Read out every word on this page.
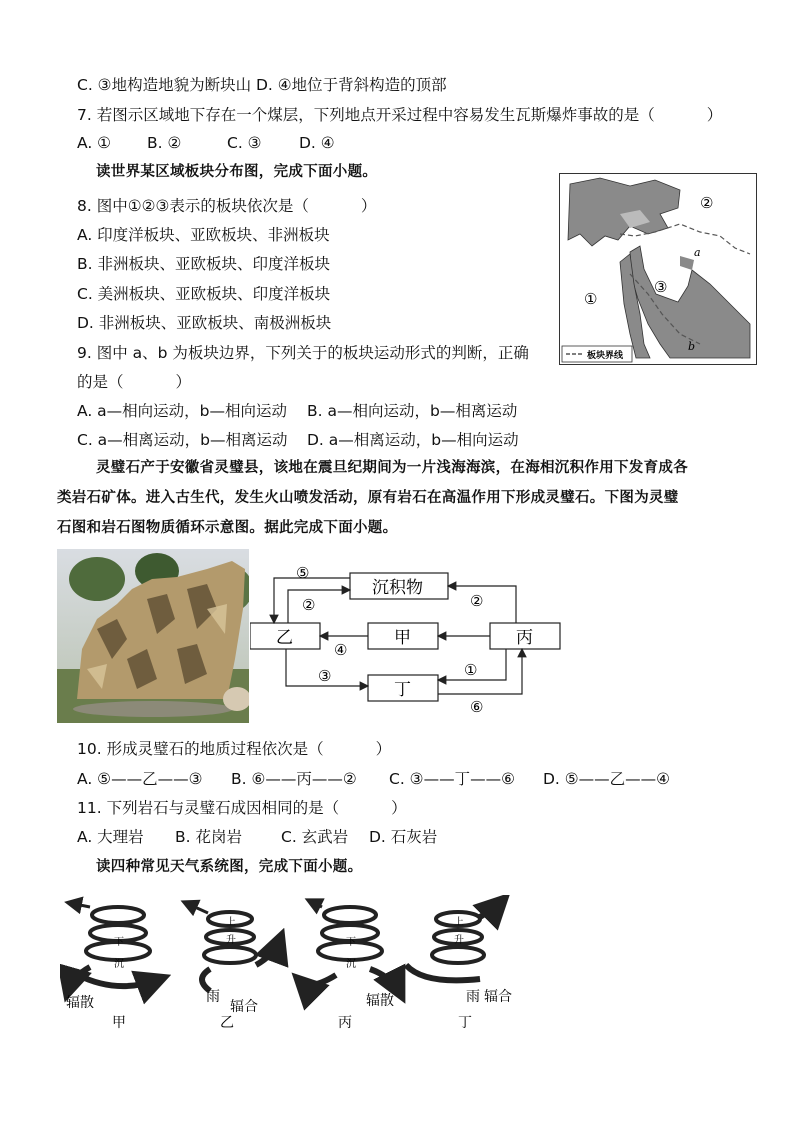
C. ③地构造地貌为断块山 D. ④地位于背斜构造的顶部
7. 若图示区域地下存在一个煤层，下列地点开采过程中容易发生瓦斯爆炸事故的是（	）
A. ① B. ②	C. ③ D. ④
读世界某区域板块分布图，完成下面小题。
8. 图中①②③表示的板块依次是（	）
A. 印度洋板块、亚欧板块、非洲板块
B. 非洲板块、亚欧板块、印度洋板块
C. 美洲板块、亚欧板块、印度洋板块
D. 非洲板块、亚欧板块、南极洲板块
9. 图中 a、b 为板块边界，下列关于的板块运动形式的判断，正确
的是（	）
A. a—相向运动，b—相向运动 B. a—相向运动，b—相离运动
C. a—相离运动，b—相离运动 D. a—相离运动，b—相向运动
②
a
③
①
b
板块界线
灵璧石产于安徽省灵璧县，该地在震旦纪期间为一片浅海海滨，在海相沉积作用下发育成各
类岩石矿体。进入古生代，发生火山喷发活动，原有岩石在高温作用下形成灵璧石。下图为灵璧
石图和岩石图物质循环示意图。据此完成下面小题。
沉积物
乙	甲	丙
丁
⑤
②	②
④
③	①
⑥
10. 形成灵璧石的地质过程依次是（	）
A. ⑤——乙——③ B. ⑥——丙——② C. ③——丁——⑥ D. ⑤——乙——④
11. 下列岩石与灵璧石成因相同的是（	）
A. 大理岩 B. 花岗岩	C. 玄武岩 D. 石灰岩
读四种常见天气系统图，完成下面小题。
下
沉
辐散
甲
上
升
雨
辐合
乙
下
沉
辐散
丙
上
升
雨 辐合
丁
